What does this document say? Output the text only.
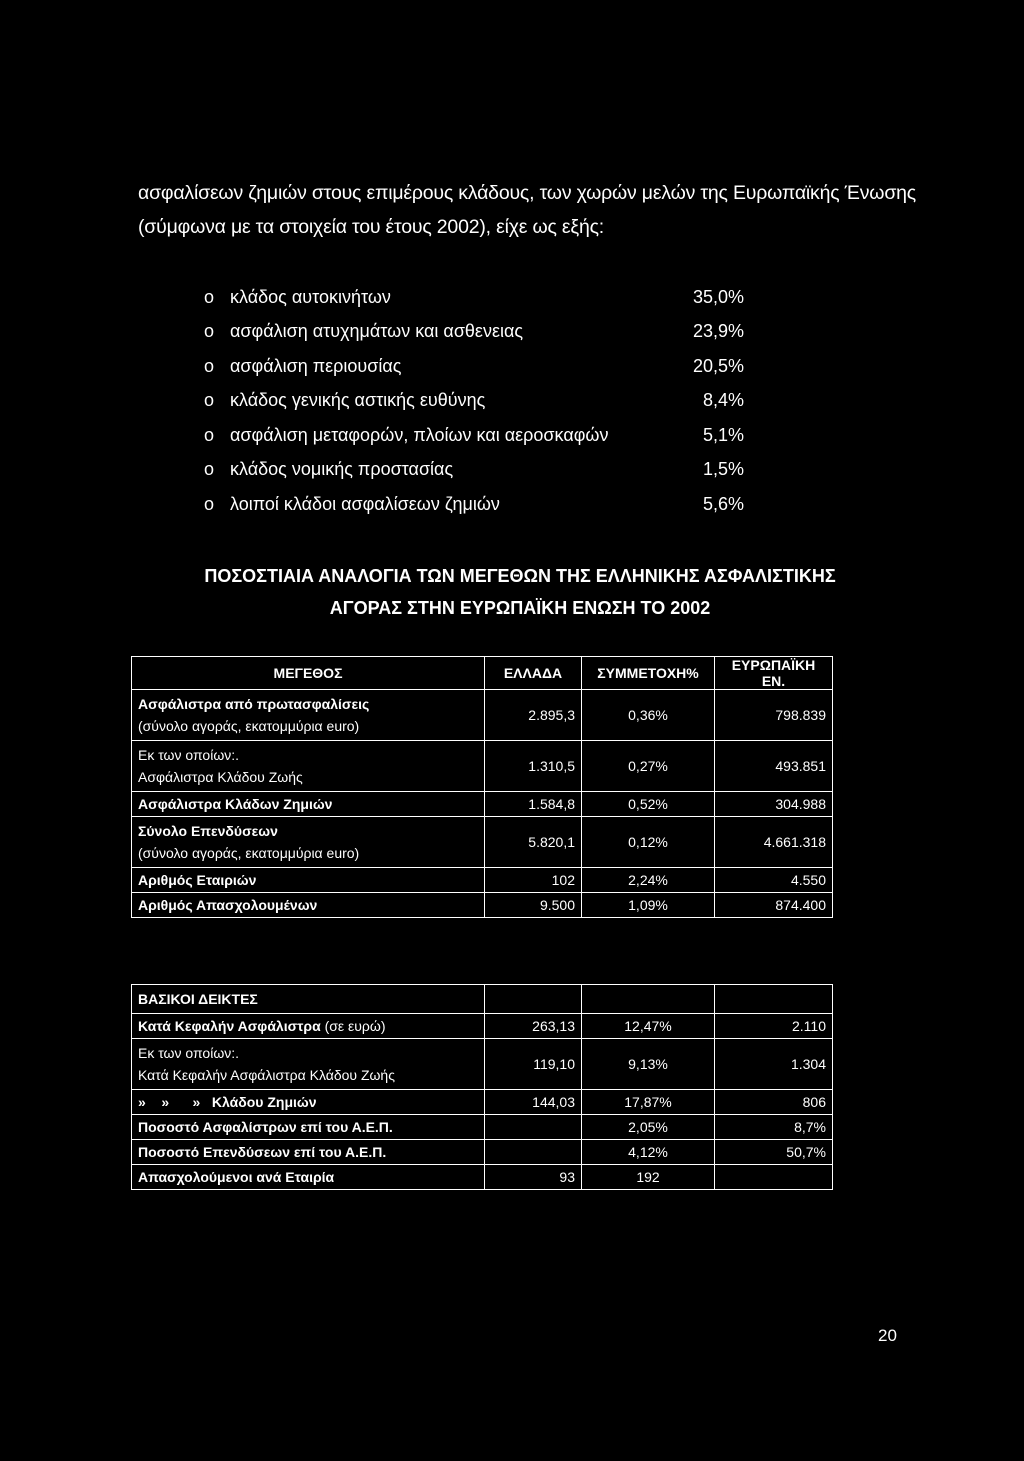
ασφαλίσεων ζημιών στους επιμέρους κλάδους, των χωρών μελών της Ευρωπαϊκής Ένωσης (σύμφωνα με τα στοιχεία του έτους 2002), είχε ως εξής:
o κλάδος αυτοκινήτων	35,0%
o ασφάλιση ατυχημάτων και ασθενειας	23,9%
o ασφάλιση περιουσίας	20,5%
o κλάδος γενικής αστικής ευθύνης	8,4%
o ασφάλιση μεταφορών, πλοίων και αεροσκαφών	5,1%
o κλάδος νομικής προστασίας	1,5%
o λοιποί κλάδοι ασφαλίσεων ζημιών	5,6%
ΠΟΣΟΣΤΙΑΙΑ ΑΝΑΛΟΓΙΑ ΤΩΝ ΜΕΓΕΘΩΝ ΤΗΣ ΕΛΛΗΝΙΚΗΣ ΑΣΦΑΛΙΣΤΙΚΗΣ
ΑΓΟΡΑΣ ΣΤΗΝ ΕΥΡΩΠΑΪΚΗ ΕΝΩΣΗ ΤΟ 2002
ΜΕΓΕΘΟΣ	ΕΛΛΑΔΑ	ΣΥΜΜΕΤΟΧΗ%	ΕΥΡΩΠΑΪΚΗ ΕΝ.
Ασφάλιστρα από πρωτασφαλίσεις
(σύνολο αγοράς, εκατομμύρια euro)	2.895,3	0,36%	798.839
Εκ των οποίων:.
Ασφάλιστρα Κλάδου Ζωής	1.310,5	0,27%	493.851
Ασφάλιστρα Κλάδων Ζημιών	1.584,8	0,52%	304.988
Σύνολο Επενδύσεων
(σύνολο αγοράς, εκατομμύρια euro)	5.820,1	0,12%	4.661.318
Αριθμός Εταιριών	102	2,24%	4.550
Αριθμός Απασχολουμένων	9.500	1,09%	874.400
ΒΑΣΙΚΟΙ ΔΕΙΚΤΕΣ			
Κατά Κεφαλήν Ασφάλιστρα (σε ευρώ)	263,13	12,47%	2.110
Εκ των οποίων:.
Κατά Κεφαλήν Ασφάλιστρα Κλάδου Ζωής	119,10	9,13%	1.304
»    »      »   Κλάδου Ζημιών	144,03	17,87%	806
Ποσοστό Ασφαλίστρων επί του Α.Ε.Π.		2,05%	8,7%
Ποσοστό Επενδύσεων επί του Α.Ε.Π.		4,12%	50,7%
Απασχολούμενοι ανά Εταιρία	93	192	
20
